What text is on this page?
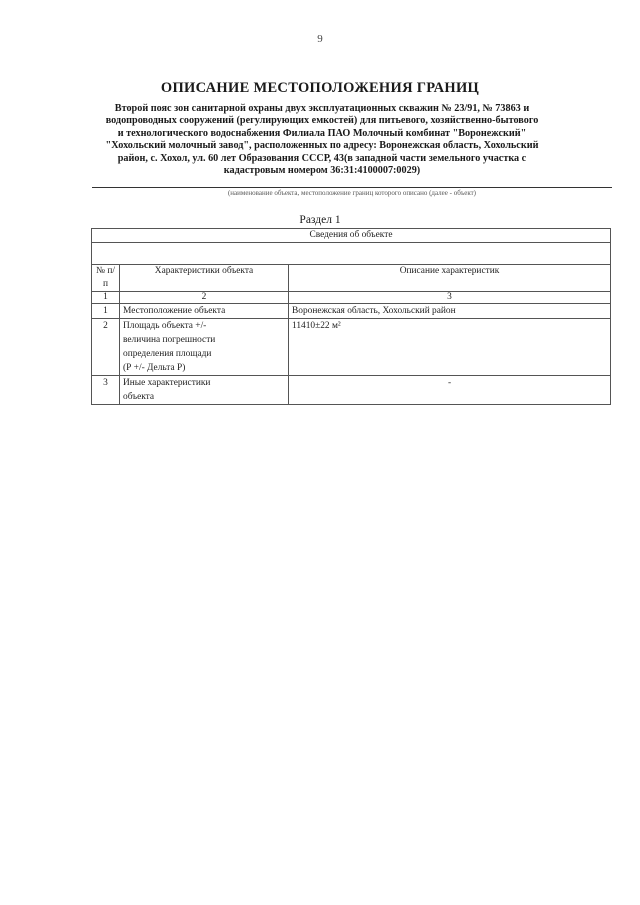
9
ОПИСАНИЕ МЕСТОПОЛОЖЕНИЯ ГРАНИЦ
Второй пояс зон санитарной охраны двух эксплуатационных скважин № 23/91, № 73863 и
водопроводных сооружений (регулирующих емкостей) для питьевого, хозяйственно-бытового
и технологического водоснабжения Филиала ПАО Молочный комбинат "Воронежский"
"Хохольский молочный завод", расположенных по адресу: Воронежская область, Хохольский
район, с. Хохол, ул. 60 лет Образования СССР, 43(в западной части земельного участка с
кадастровым номером 36:31:4100007:0029)
(наименование объекта, местоположение границ которого описано (далее - объект)
Раздел 1
Сведения об объекте		

№ п/п	Характеристики объекта	Описание характеристик
1	2	3
1	Местоположение объекта	Воронежская область, Хохольский район
2	Площадь объекта +/-
величина погрешности
определения площади
(Р +/- Дельта Р)	11410±22 м²
3	Иные характеристики
объекта	-
